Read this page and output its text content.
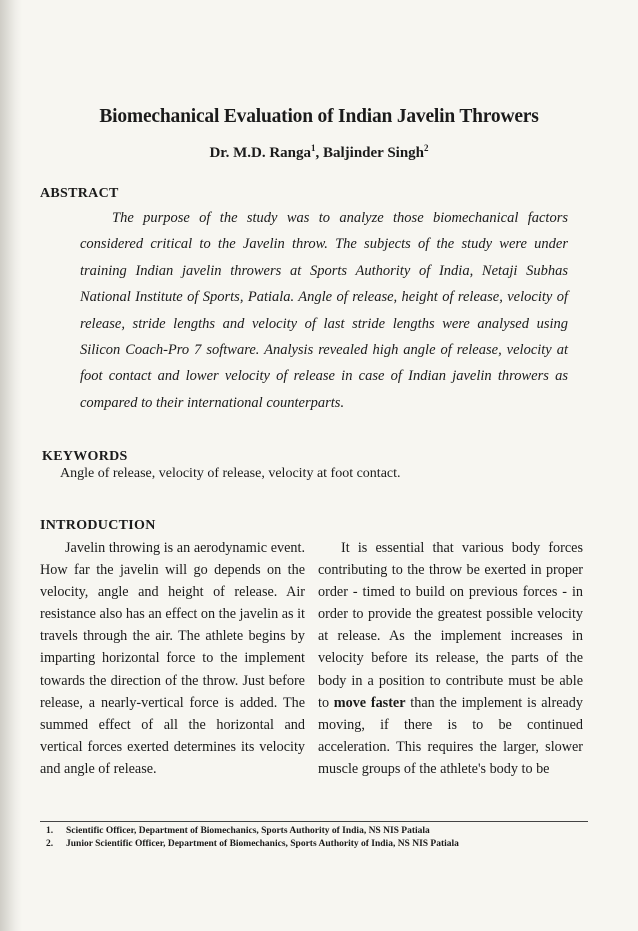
Biomechanical Evaluation of Indian Javelin Throwers

Dr. M.D. Ranga$^1$, Baljinder Singh$^2$

ABSTRACT

The purpose of the study was to analyze those biomechanical factors considered critical to the Javelin throw. The subjects of the study were under training Indian javelin throwers at Sports Authority of India, Netaji Subhas National Institute of Sports, Patiala. Angle of release, height of release, velocity of release, stride lengths and velocity of last stride lengths were analysed using Silicon Coach-Pro 7 software. Analysis revealed high angle of release, velocity at foot contact and lower velocity of release in case of Indian javelin throwers as compared to their international counterparts.

KEYWORDS

Angle of release, velocity of release, velocity at foot contact.

INTRODUCTION

Javelin throwing is an aerodynamic event. How far the javelin will go depends on the velocity, angle and height of release. Air resistance also has an effect on the javelin as it travels through the air. The athlete begins by imparting horizontal force to the implement towards the direction of the throw. Just before release, a nearly-vertical force is added. The summed effect of all the horizontal and vertical forces exerted determines its velocity and angle of release.

It is essential that various body forces contributing to the throw be exerted in proper order - timed to build on previous forces - in order to provide the greatest possible velocity at release. As the implement increases in velocity before its release, the parts of the body in a position to contribute must be able to move faster than the implement is already moving, if there is to be continued acceleration. This requires the larger, slower muscle groups of the athlete's body to be

1. Scientific Officer, Department of Biomechanics, Sports Authority of India, NS NIS Patiala

2. Junior Scientific Officer, Department of Biomechanics, Sports Authority of India, NS NIS Patiala
